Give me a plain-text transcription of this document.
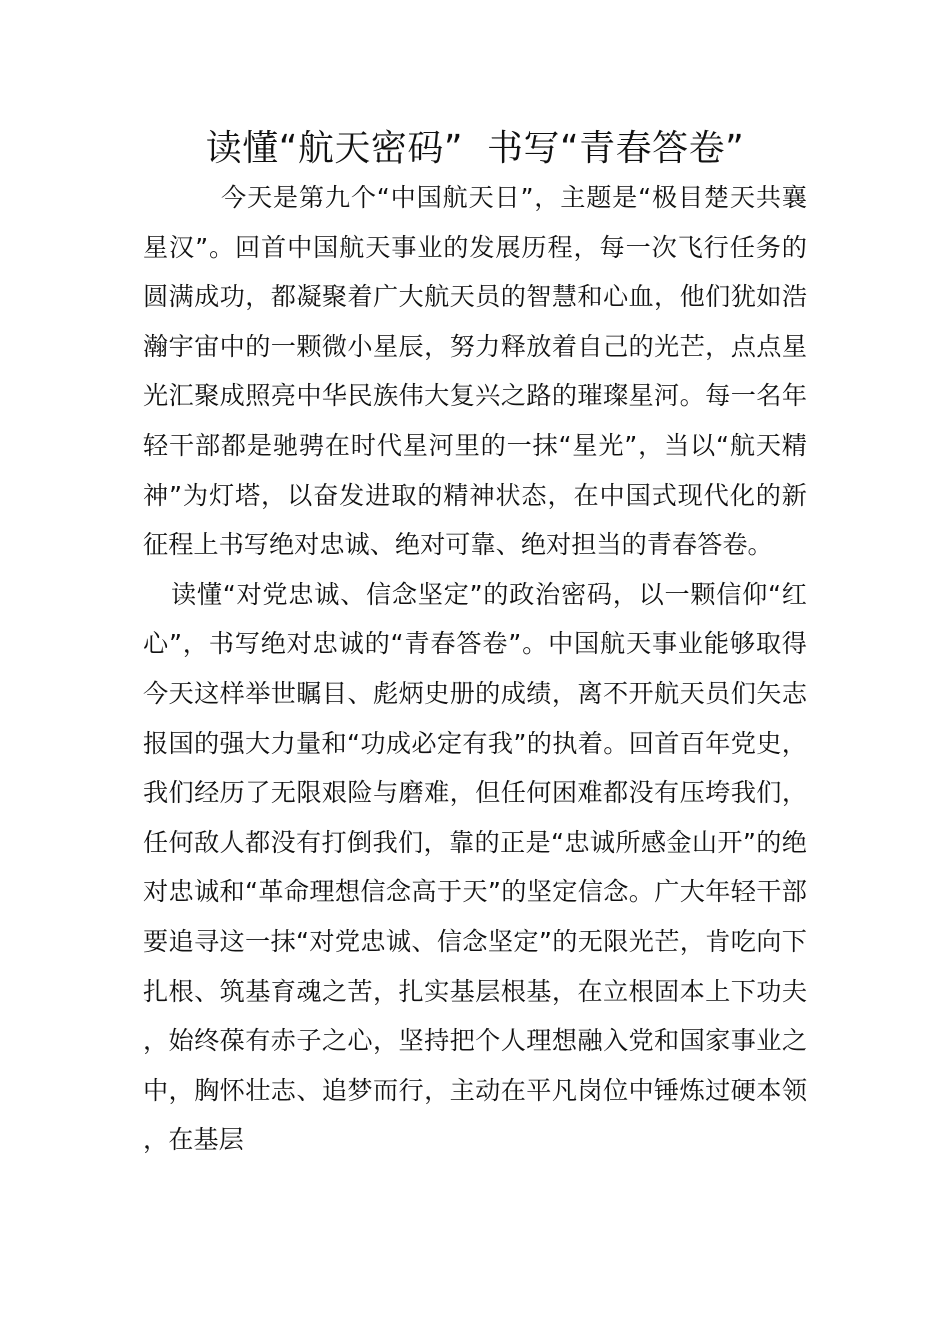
读懂“航天密码”  书写“青春答卷”

今天是第九个“中国航天日”，主题是“极目楚天共襄星汉”。回首中国航天事业的发展历程，每一次飞行任务的圆满成功，都凝聚着广大航天员的智慧和心血，他们犹如浩瀚宇宙中的一颗微小星辰，努力释放着自己的光芒，点点星光汇聚成照亮中华民族伟大复兴之路的璀璨星河。每一名年轻干部都是驰骋在时代星河里的一抹“星光”，当以“航天精神”为灯塔，以奋发进取的精神状态，在中国式现代化的新征程上书写绝对忠诚、绝对可靠、绝对担当的青春答卷。

读懂“对党忠诚、信念坚定”的政治密码，以一颗信仰“红心”，书写绝对忠诚的“青春答卷”。中国航天事业能够取得今天这样举世瞩目、彪炳史册的成绩，离不开航天员们矢志报国的强大力量和“功成必定有我”的执着。回首百年党史，我们经历了无限艰险与磨难，但任何困难都没有压垮我们，任何敌人都没有打倒我们，靠的正是“忠诚所感金山开”的绝对忠诚和“革命理想信念高于天”的坚定信念。广大年轻干部要追寻这一抹“对党忠诚、信念坚定”的无限光芒，肯吃向下扎根、筑基育魂之苦，扎实基层根基，在立根固本上下功夫，始终葆有赤子之心，坚持把个人理想融入党和国家事业之中，胸怀壮志、追梦而行，主动在平凡岗位中锤炼过硬本领，在基层
